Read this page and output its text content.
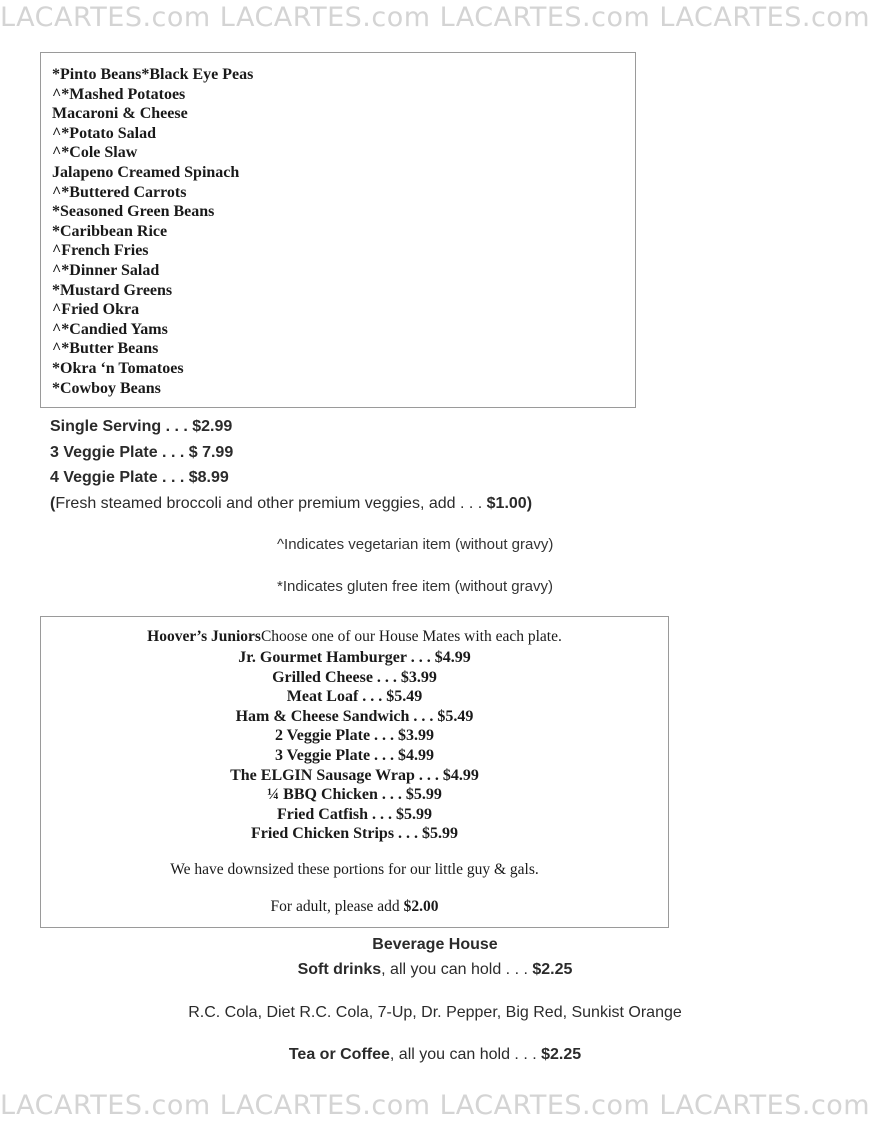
LACARTES.com LACARTES.com LACARTES.com LACARTES.com
*Pinto Beans*Black Eye Peas
^*Mashed Potatoes
Macaroni & Cheese
^*Potato Salad
^*Cole Slaw
Jalapeno Creamed Spinach
^*Buttered Carrots
*Seasoned Green Beans
*Caribbean Rice
^French Fries
^*Dinner Salad
*Mustard Greens
^Fried Okra
^*Candied Yams
^*Butter Beans
*Okra ‘n Tomatoes
*Cowboy Beans
Single Serving . . . $2.99
3 Veggie Plate . . . $ 7.99
4 Veggie Plate . . . $8.99
(Fresh steamed broccoli and other premium veggies, add . . . $1.00)
^Indicates vegetarian item (without gravy)
*Indicates gluten free item (without gravy)
Hoover’s JuniorsChoose one of our House Mates with each plate.
Jr. Gourmet Hamburger . . . $4.99
Grilled Cheese . . . $3.99
Meat Loaf . . . $5.49
Ham & Cheese Sandwich . . . $5.49
2 Veggie Plate . . . $3.99
3 Veggie Plate . . . $4.99
The ELGIN Sausage Wrap . . . $4.99
¼ BBQ Chicken . . . $5.99
Fried Catfish . . . $5.99
Fried Chicken Strips . . . $5.99
We have downsized these portions for our little guy & gals.
For adult, please add $2.00
Beverage House
Soft drinks, all you can hold . . . $2.25
R.C. Cola, Diet R.C. Cola, 7-Up, Dr. Pepper, Big Red, Sunkist Orange
Tea or Coffee, all you can hold . . . $2.25
LACARTES.com LACARTES.com LACARTES.com LACARTES.com
